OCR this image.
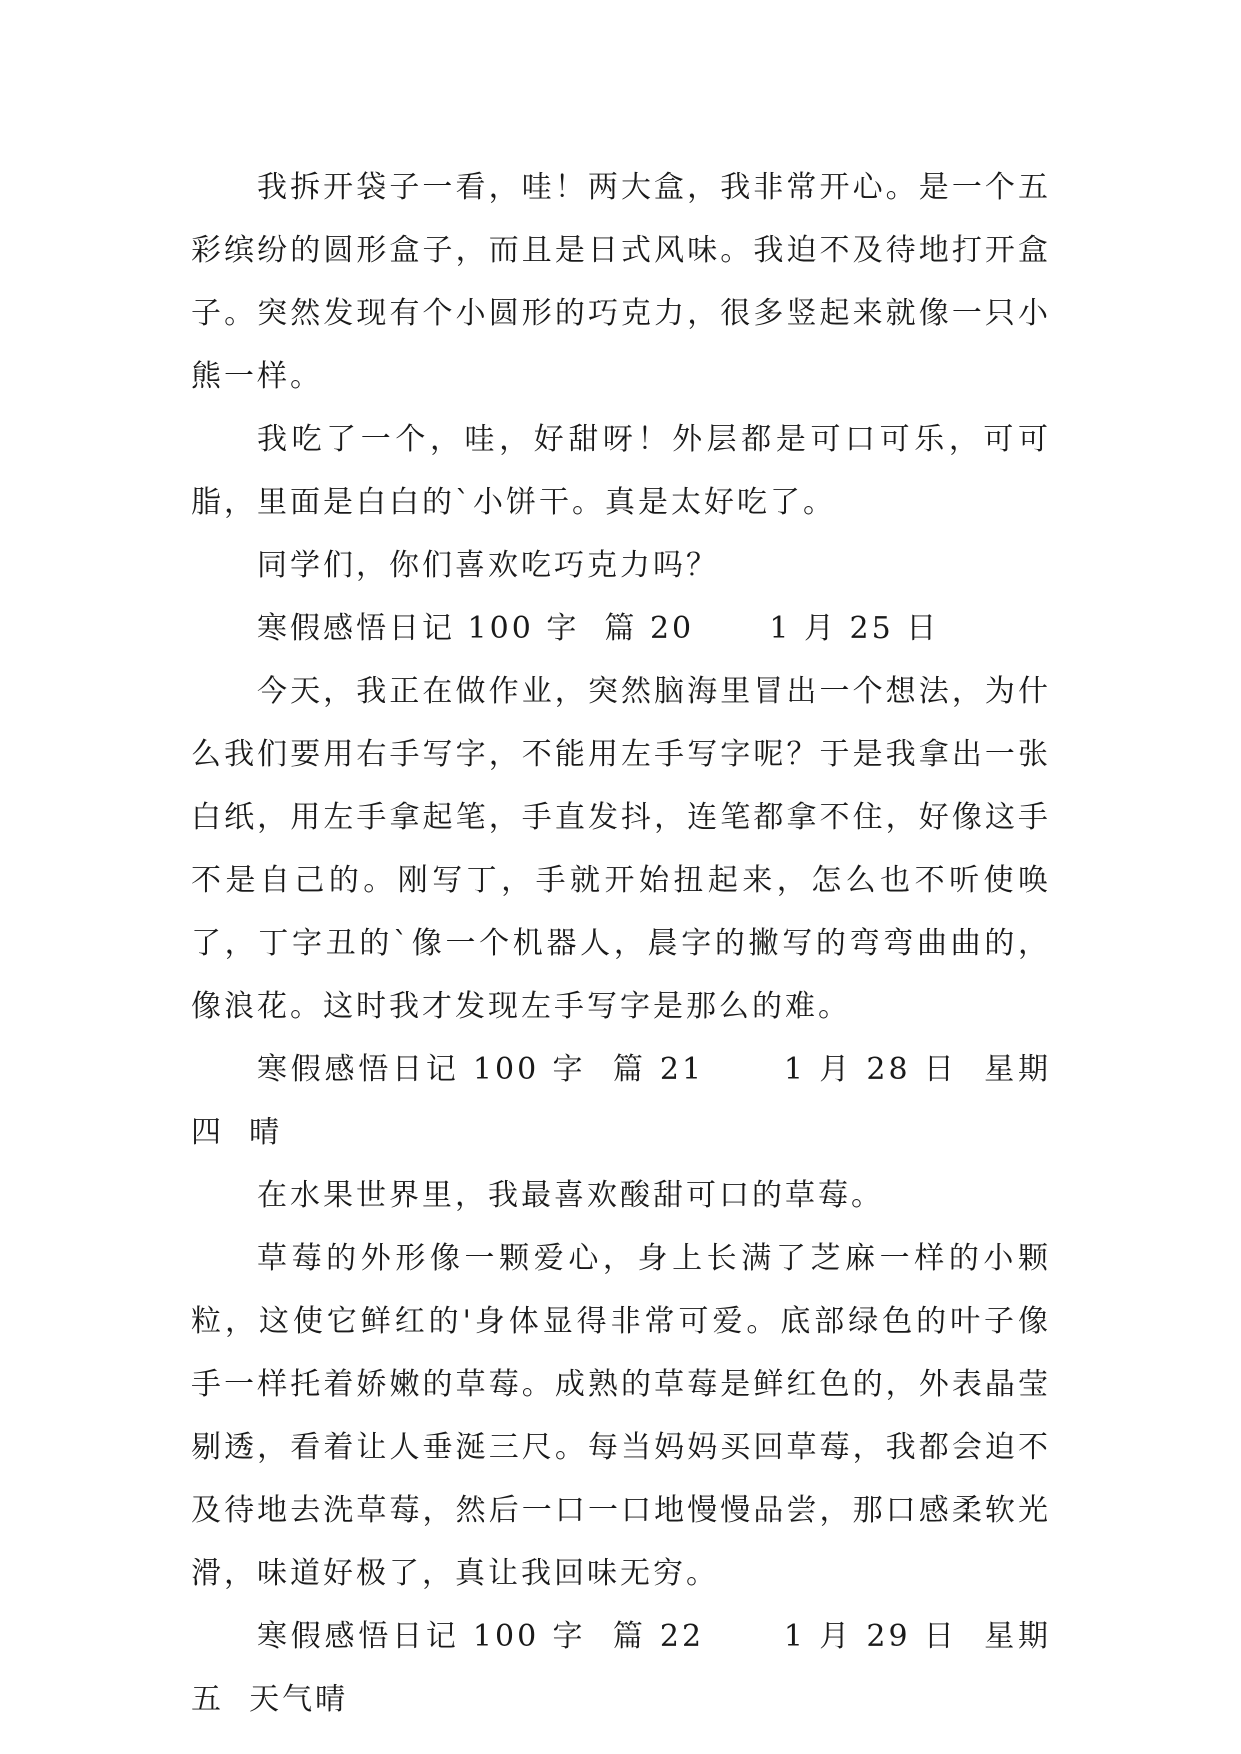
我拆开袋子一看，哇！两大盒，我非常开心。是一个五彩缤纷的圆形盒子，而且是日式风味。我迫不及待地打开盒子。突然发现有个小圆形的巧克力，很多竖起来就像一只小熊一样。

我吃了一个，哇，好甜呀！外层都是可口可乐，可可脂，里面是白白的`小饼干。真是太好吃了。

同学们，你们喜欢吃巧克力吗？

寒假感悟日记 100 字  篇 20      1 月 25 日

今天，我正在做作业，突然脑海里冒出一个想法，为什么我们要用右手写字，不能用左手写字呢？于是我拿出一张白纸，用左手拿起笔，手直发抖，连笔都拿不住，好像这手不是自己的。刚写丁，手就开始扭起来，怎么也不听使唤了，丁字丑的`像一个机器人，晨字的撇写的弯弯曲曲的，像浪花。这时我才发现左手写字是那么的难。

寒假感悟日记 100 字  篇 21      1 月 28 日  星期四  晴

在水果世界里，我最喜欢酸甜可口的草莓。

草莓的外形像一颗爱心，身上长满了芝麻一样的小颗粒，这使它鲜红的'身体显得非常可爱。底部绿色的叶子像手一样托着娇嫩的草莓。成熟的草莓是鲜红色的，外表晶莹剔透，看着让人垂涎三尺。每当妈妈买回草莓，我都会迫不及待地去洗草莓，然后一口一口地慢慢品尝，那口感柔软光滑，味道好极了，真让我回味无穷。

寒假感悟日记 100 字  篇 22      1 月 29 日  星期五  天气晴
